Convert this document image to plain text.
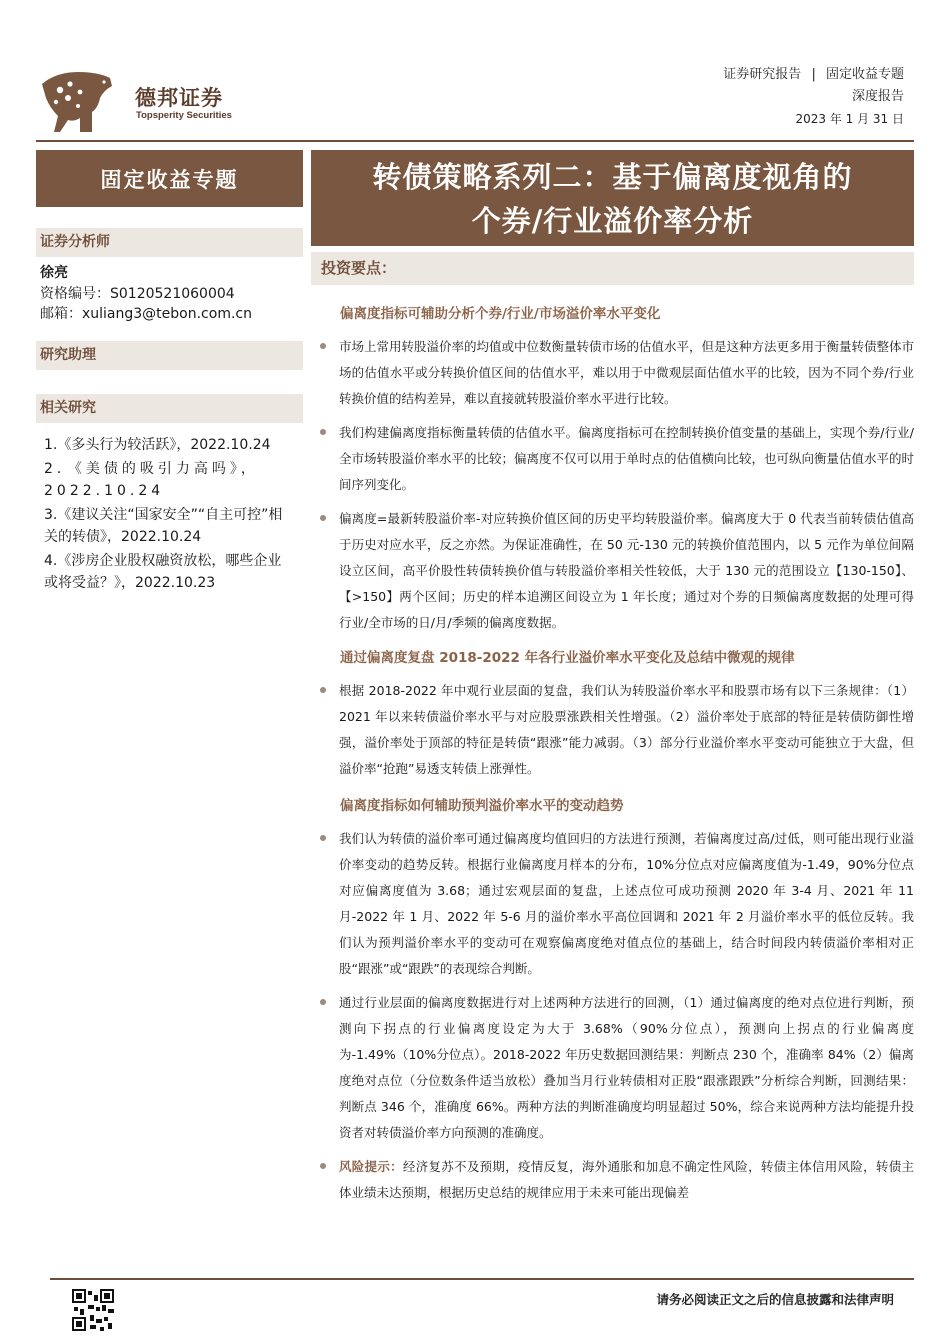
德邦证券
Topsperity Securities
证券研究报告 | 固定收益专题
深度报告
2023 年 1 月 31 日
固定收益专题
证券分析师
徐亮
资格编号：S0120521060004
邮箱：xuliang3@tebon.com.cn
研究助理
相关研究
1.《多头行为较活跃》，2022.10.24
2．《美债的吸引力高吗》，2022.10.24
3.《建议关注“国家安全”“自主可控”相关的转债》，2022.10.24
4.《涉房企业股权融资放松，哪些企业或将受益？》，2022.10.23
转债策略系列二：基于偏离度视角的
个券/行业溢价率分析
投资要点：
偏离度指标可辅助分析个券/行业/市场溢价率水平变化
市场上常用转股溢价率的均值或中位数衡量转债市场的估值水平，但是这种方法更多用于衡量转债整体市场的估值水平或分转换价值区间的估值水平，难以用于中微观层面估值水平的比较，因为不同个券/行业转换价值的结构差异，难以直接就转股溢价率水平进行比较。
我们构建偏离度指标衡量转债的估值水平。偏离度指标可在控制转换价值变量的基础上，实现个券/行业/全市场转股溢价率水平的比较；偏离度不仅可以用于单时点的估值横向比较，也可纵向衡量估值水平的时间序列变化。
偏离度=最新转股溢价率-对应转换价值区间的历史平均转股溢价率。偏离度大于 0 代表当前转债估值高于历史对应水平，反之亦然。为保证准确性，在 50 元-130 元的转换价值范围内，以 5 元作为单位间隔设立区间，高平价股性转债转换价值与转股溢价率相关性较低，大于 130 元的范围设立【130-150】、【>150】两个区间；历史的样本追溯区间设立为 1 年长度；通过对个券的日频偏离度数据的处理可得行业/全市场的日/月/季频的偏离度数据。
通过偏离度复盘 2018-2022 年各行业溢价率水平变化及总结中微观的规律
根据 2018-2022 年中观行业层面的复盘，我们认为转股溢价率水平和股票市场有以下三条规律：（1）2021 年以来转债溢价率水平与对应股票涨跌相关性增强。（2）溢价率处于底部的特征是转债防御性增强，溢价率处于顶部的特征是转债“跟涨”能力减弱。（3）部分行业溢价率水平变动可能独立于大盘，但溢价率“抢跑”易透支转债上涨弹性。
偏离度指标如何辅助预判溢价率水平的变动趋势
我们认为转债的溢价率可通过偏离度均值回归的方法进行预测，若偏离度过高/过低，则可能出现行业溢价率变动的趋势反转。根据行业偏离度月样本的分布，10%分位点对应偏离度值为-1.49，90%分位点对应偏离度值为 3.68；通过宏观层面的复盘，上述点位可成功预测 2020 年 3-4 月、2021 年 11 月-2022 年 1 月、2022 年 5-6 月的溢价率水平高位回调和 2021 年 2 月溢价率水平的低位反转。我们认为预判溢价率水平的变动可在观察偏离度绝对值点位的基础上，结合时间段内转债溢价率相对正股“跟涨”或“跟跌”的表现综合判断。
通过行业层面的偏离度数据进行对上述两种方法进行的回测，（1）通过偏离度的绝对点位进行判断，预测向下拐点的行业偏离度设定为大于 3.68%（90%分位点），预测向上拐点的行业偏离度为-1.49%（10%分位点）。2018-2022 年历史数据回测结果：判断点 230 个，准确率 84%（2）偏离度绝对点位（分位数条件适当放松）叠加当月行业转债相对正股“跟涨跟跌”分析综合判断，回测结果：判断点 346 个，准确度 66%。两种方法的判断准确度均明显超过 50%，综合来说两种方法均能提升投资者对转债溢价率方向预测的准确度。
风险提示：经济复苏不及预期，疫情反复，海外通胀和加息不确定性风险，转债主体信用风险，转债主体业绩未达预期，根据历史总结的规律应用于未来可能出现偏差
请务必阅读正文之后的信息披露和法律声明
